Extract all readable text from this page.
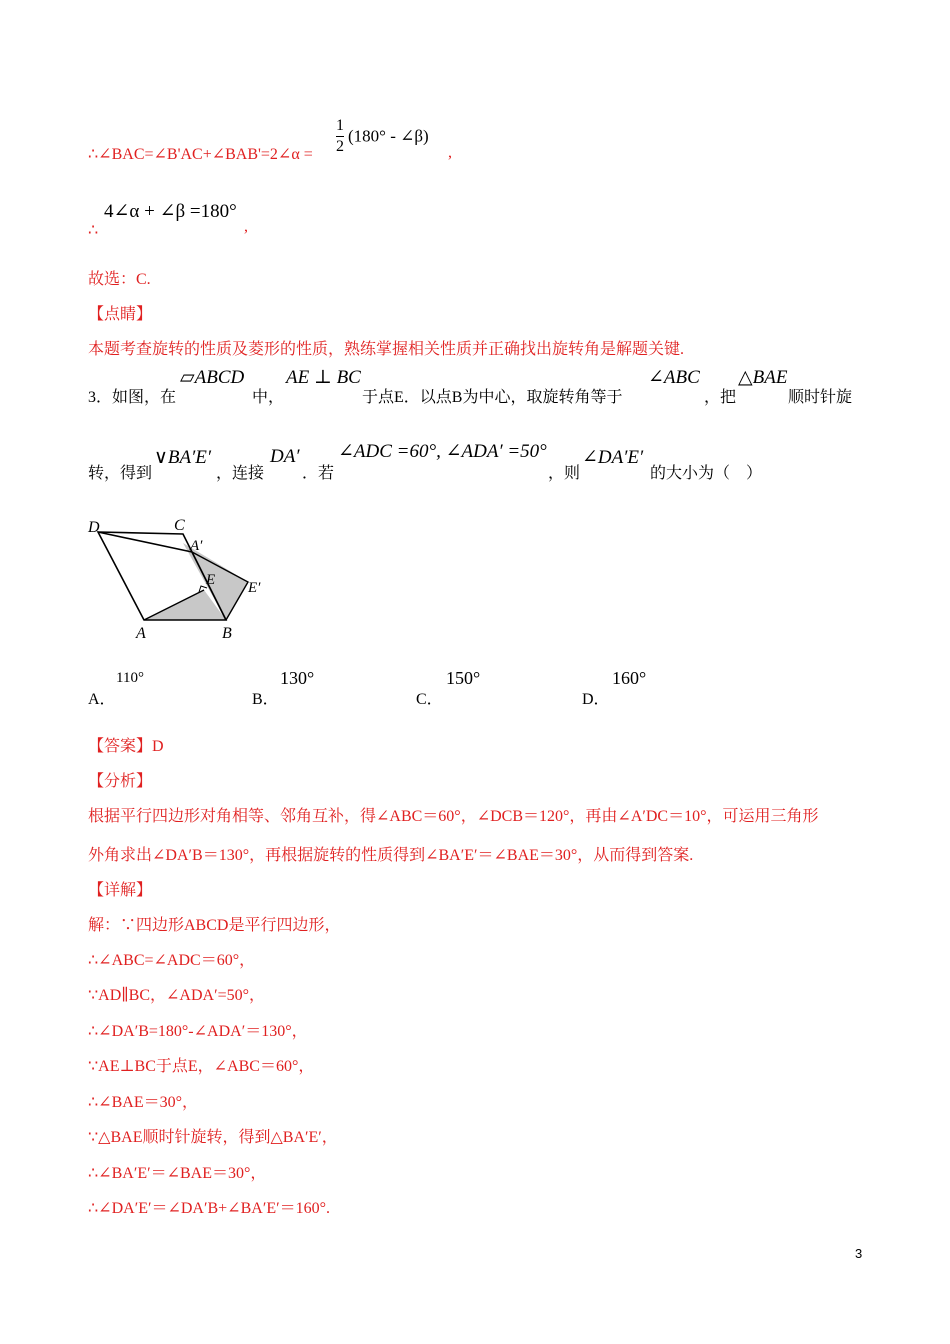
∴∠BAC=∠B'AC+∠BAB'=2∠α = $\frac{1}{2} (180^\circ$ - ∠β)
,
∴
4∠α + ∠β =180°
,
故选：C.
【点睛】
本题考查旋转的性质及菱形的性质，熟练掌握相关性质并正确找出旋转角是解题关键.
3．如图，在
▱ABCD
中，
AE ⊥ BC
于点E．以点B为中心，取旋转角等于
∠ABC
，把
△BAE
顺时针旋
转，得到
∨BA′E′
，连接
DA′
．若
∠ADC =60°, ∠ADA′ =50°
，则
∠DA′E′
的大小为（　）
D	C
A′
E E′
A	B
A．
110°
B．
130°
C．
150°
D．
160°
【答案】D
【分析】
根据平行四边形对角相等、邻角互补，得∠ABC＝60°，∠DCB＝120°，再由∠A′DC＝10°，可运用三角形
外角求出∠DA′B＝130°，再根据旋转的性质得到∠BA′E′＝∠BAE＝30°，从而得到答案.
【详解】
解：∵四边形ABCD是平行四边形，
∴∠ABC=∠ADC＝60°，
∵AD∥BC，∠ADA′=50°，
∴∠DA′B=180°-∠ADA′＝130°，
∵AE⊥BC于点E，∠ABC＝60°，
∴∠BAE＝30°，
∵△BAE顺时针旋转，得到△BA′E′，
∴∠BA′E′＝∠BAE＝30°，
∴∠DA′E′＝∠DA′B+∠BA′E′＝160°.
3
